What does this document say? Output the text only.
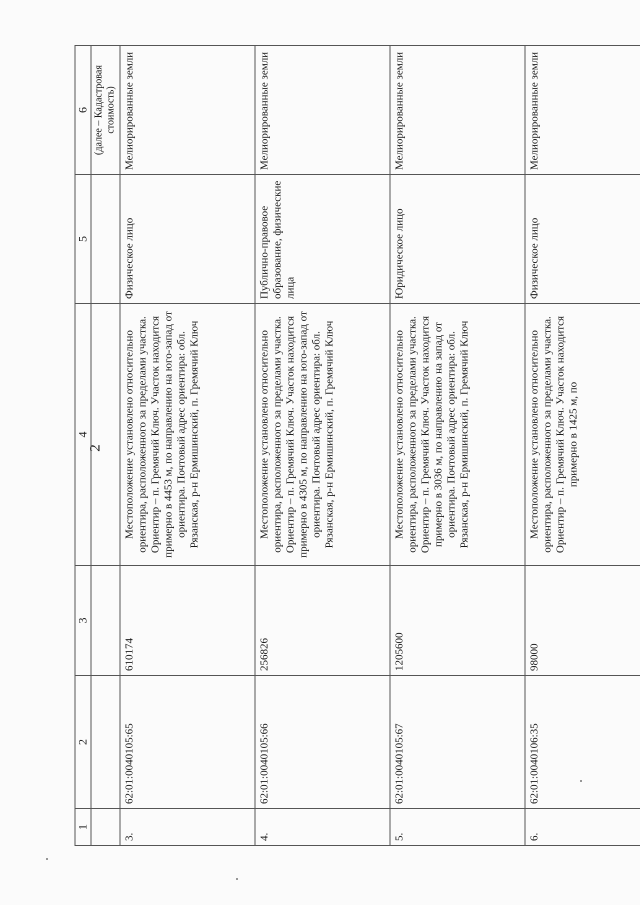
2
1	2	3	4	5	6

					(далее – Кадастровая стоимость)

3.	62:01:0040105:65	610174	Местоположение установлено относительно ориентира, расположенного за пределами участка. Ориентир – п. Гремячий Ключ. Участок находится примерно в 4453 м, по направлению на юго-запад от ориентира. Почтовый адрес ориентира: обл. Рязанская, р-н Ермишинский, п. Гремячий Ключ	Физическое лицо	Мелиорированные земли
4.	62:01:0040105:66	256826	Местоположение установлено относительно ориентира, расположенного за пределами участка. Ориентир – п. Гремячий Ключ. Участок находится примерно в 4305 м, по направлению на юго-запад от ориентира. Почтовый адрес ориентира: обл. Рязанская, р-н Ермишинский, п. Гремячий Ключ	Публично-правовое образование, физические лица	Мелиорированные земли
5.	62:01:0040105:67	1205600	Местоположение установлено относительно ориентира, расположенного за пределами участка. Ориентир – п. Гремячий Ключ. Участок находится примерно в 3036 м, по направлению на запад от ориентира. Почтовый адрес ориентира: обл. Рязанская, р-н Ермишинский, п. Гремячий Ключ	Юридическое лицо	Мелиорированные земли
6.	62:01:0040106:35	98000	Местоположение установлено относительно ориентира, расположенного за пределами участка. Ориентир – п. Гремячий Ключ. Участок находится примерно в 1425 м, по	Физическое лицо	Мелиорированные земли
